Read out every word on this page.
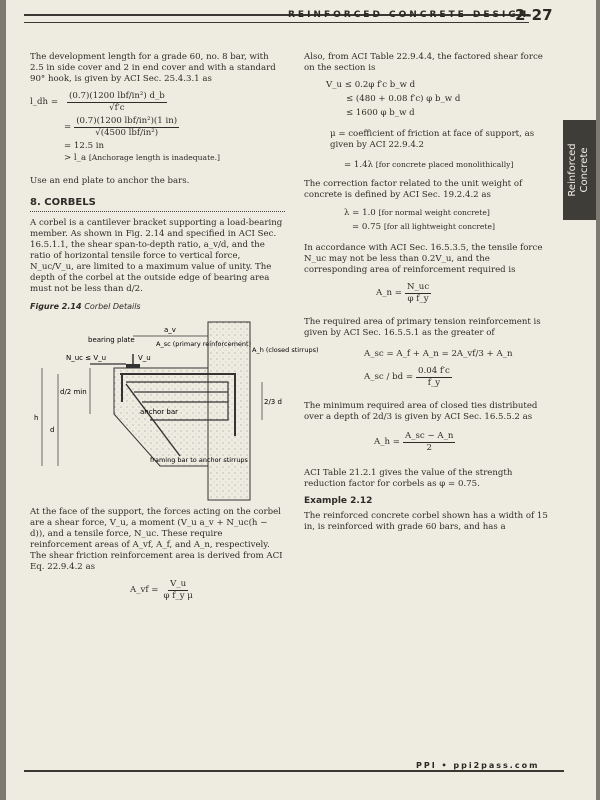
REINFORCED CONCRETE DESIGN
2-27
Reinforced Concrete

The development length for a grade 60, no. 8 bar, with 2.5 in side cover and 2 in end cover and with a standard 90° hook, is given by ACI Sec. 25.4.3.1 as

l_dh =	$\frac{\text{(0.7)(1200 lbf/in²) d\_b}}{√f'c}$
= $\frac{\text{(0.7)(1200 lbf/in²)(1 in)}}{\text{√(4500 lbf/in²)}}$
= 12.5 in
> l_a [Anchorage length is inadequate.]

Use an end plate to anchor the bars.

8. CORBELS

A corbel is a cantilever bracket supporting a load-bearing member. As shown in Fig. 2.14 and specified in ACI Sec. 16.5.1.1, the shear span-to-depth ratio, a_v/d, and the ratio of horizontal tensile force to vertical force, N_uc/V_u, are limited to a maximum value of unity. The depth of the corbel at the outside edge of bearing area must not be less than d/2.

Figure 2.14 Corbel Details
a_v
bearing plate	A_sc (primary reinforcement)
A_h (closed stirrups)
N_uc ≤ V_u	V_u
d/2 min
anchor bar
2/3 d
h
d
framing bar to anchor stirrups

At the face of the support, the forces acting on the corbel are a shear force, V_u, a moment (V_u a_v + N_uc(h − d)), and a tensile force, N_uc. These require reinforcement areas of A_vf, A_f, and A_n, respectively. The shear friction reinforcement area is derived from ACI Eq. 22.9.4.2 as

A_vf = $\frac{V\_u}{\text{φ f\_y μ}}$

Also, from ACI Table 22.9.4.4, the factored shear force on the section is

V_u ≤ 0.2φ f′c b_w d
≤ (480 + 0.08 f′c) φ b_w d
≤ 1600 φ b_w d

μ = coefficient of friction at face of support, as given by ACI 22.9.4.2

= 1.4λ [for concrete placed monolithically]

The correction factor related to the unit weight of concrete is defined by ACI Sec. 19.2.4.2 as

λ = 1.0 [for normal weight concrete]
= 0.75 [for all lightweight concrete]

In accordance with ACI Sec. 16.5.3.5, the tensile force N_uc may not be less than 0.2V_u, and the corresponding area of reinforcement required is

A_n = $\frac{N\_uc}{\text{φ f\_y}}$

The required area of primary tension reinforcement is given by ACI Sec. 16.5.5.1 as the greater of

A_sc = A_f + A_n = 2A_vf/3 + A_n
A_sc / bd = $\frac{0.04 f'c}{f\_y}$

The minimum required area of closed ties distributed over a depth of 2d/3 is given by ACI Sec. 16.5.5.2 as

A_h = $\frac{A\_sc - A\_n}{2}$

ACI Table 21.2.1 gives the value of the strength reduction factor for corbels as φ = 0.75.

Example 2.12

The reinforced concrete corbel shown has a width of 15 in, is reinforced with grade 60 bars, and has a

PPI • ppi2pass.com
